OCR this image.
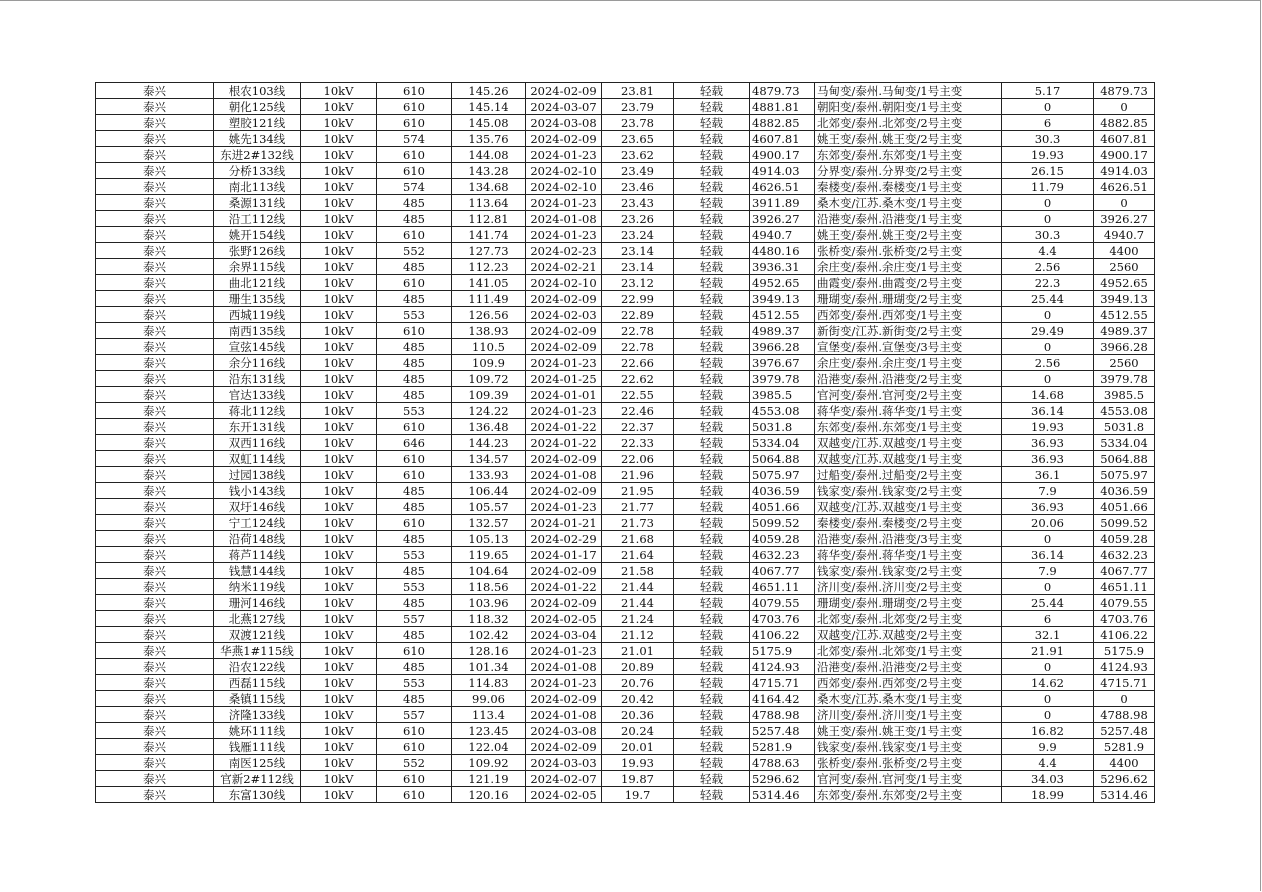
泰兴	根农103线	10kV	610	145.26	2024-02-09	23.81	轻载	4879.73	马甸变/泰州.马甸变/1号主变	5.17	4879.73
泰兴	朝化125线	10kV	610	145.14	2024-03-07	23.79	轻载	4881.81	朝阳变/泰州.朝阳变/1号主变	0	0
泰兴	塑胶121线	10kV	610	145.08	2024-03-08	23.78	轻载	4882.85	北郊变/泰州.北郊变/2号主变	6	4882.85
泰兴	姚先134线	10kV	574	135.76	2024-02-09	23.65	轻载	4607.81	姚王变/泰州.姚王变/2号主变	30.3	4607.81
泰兴	东进2#132线	10kV	610	144.08	2024-01-23	23.62	轻载	4900.17	东郊变/泰州.东郊变/1号主变	19.93	4900.17
泰兴	分桥133线	10kV	610	143.28	2024-02-10	23.49	轻载	4914.03	分界变/泰州.分界变/2号主变	26.15	4914.03
泰兴	南北113线	10kV	574	134.68	2024-02-10	23.46	轻载	4626.51	秦楼变/泰州.秦楼变/1号主变	11.79	4626.51
泰兴	桑源131线	10kV	485	113.64	2024-01-23	23.43	轻载	3911.89	桑木变/江苏.桑木变/1号主变	0	0
泰兴	沿工112线	10kV	485	112.81	2024-01-08	23.26	轻载	3926.27	沿港变/泰州.沿港变/1号主变	0	3926.27
泰兴	姚开154线	10kV	610	141.74	2024-01-23	23.24	轻载	4940.7	姚王变/泰州.姚王变/2号主变	30.3	4940.7
泰兴	张野126线	10kV	552	127.73	2024-02-23	23.14	轻载	4480.16	张桥变/泰州.张桥变/2号主变	4.4	4400
泰兴	余界115线	10kV	485	112.23	2024-02-21	23.14	轻载	3936.31	余庄变/泰州.余庄变/1号主变	2.56	2560
泰兴	曲北121线	10kV	610	141.05	2024-02-10	23.12	轻载	4952.65	曲霞变/泰州.曲霞变/2号主变	22.3	4952.65
泰兴	珊生135线	10kV	485	111.49	2024-02-09	22.99	轻载	3949.13	珊瑚变/泰州.珊瑚变/2号主变	25.44	3949.13
泰兴	西城119线	10kV	553	126.56	2024-02-03	22.89	轻载	4512.55	西郊变/泰州.西郊变/1号主变	0	4512.55
泰兴	南西135线	10kV	610	138.93	2024-02-09	22.78	轻载	4989.37	新街变/江苏.新街变/2号主变	29.49	4989.37
泰兴	宣弦145线	10kV	485	110.5	2024-02-09	22.78	轻载	3966.28	宣堡变/泰州.宣堡变/3号主变	0	3966.28
泰兴	余分116线	10kV	485	109.9	2024-01-23	22.66	轻载	3976.67	余庄变/泰州.余庄变/1号主变	2.56	2560
泰兴	沿东131线	10kV	485	109.72	2024-01-25	22.62	轻载	3979.78	沿港变/泰州.沿港变/2号主变	0	3979.78
泰兴	官达133线	10kV	485	109.39	2024-01-01	22.55	轻载	3985.5	官河变/泰州.官河变/2号主变	14.68	3985.5
泰兴	蒋北112线	10kV	553	124.22	2024-01-23	22.46	轻载	4553.08	蒋华变/泰州.蒋华变/1号主变	36.14	4553.08
泰兴	东开131线	10kV	610	136.48	2024-01-22	22.37	轻载	5031.8	东郊变/泰州.东郊变/1号主变	19.93	5031.8
泰兴	双西116线	10kV	646	144.23	2024-01-22	22.33	轻载	5334.04	双越变/江苏.双越变/1号主变	36.93	5334.04
泰兴	双虹114线	10kV	610	134.57	2024-02-09	22.06	轻载	5064.88	双越变/江苏.双越变/1号主变	36.93	5064.88
泰兴	过园138线	10kV	610	133.93	2024-01-08	21.96	轻载	5075.97	过船变/泰州.过船变/2号主变	36.1	5075.97
泰兴	钱小143线	10kV	485	106.44	2024-02-09	21.95	轻载	4036.59	钱家变/泰州.钱家变/2号主变	7.9	4036.59
泰兴	双圩146线	10kV	485	105.57	2024-01-23	21.77	轻载	4051.66	双越变/江苏.双越变/1号主变	36.93	4051.66
泰兴	宁工124线	10kV	610	132.57	2024-01-21	21.73	轻载	5099.52	秦楼变/泰州.秦楼变/2号主变	20.06	5099.52
泰兴	沿荷148线	10kV	485	105.13	2024-02-29	21.68	轻载	4059.28	沿港变/泰州.沿港变/3号主变	0	4059.28
泰兴	蒋芦114线	10kV	553	119.65	2024-01-17	21.64	轻载	4632.23	蒋华变/泰州.蒋华变/1号主变	36.14	4632.23
泰兴	钱慧144线	10kV	485	104.64	2024-02-09	21.58	轻载	4067.77	钱家变/泰州.钱家变/2号主变	7.9	4067.77
泰兴	纳米119线	10kV	553	118.56	2024-01-22	21.44	轻载	4651.11	济川变/泰州.济川变/2号主变	0	4651.11
泰兴	珊河146线	10kV	485	103.96	2024-02-09	21.44	轻载	4079.55	珊瑚变/泰州.珊瑚变/2号主变	25.44	4079.55
泰兴	北燕127线	10kV	557	118.32	2024-02-05	21.24	轻载	4703.76	北郊变/泰州.北郊变/2号主变	6	4703.76
泰兴	双渡121线	10kV	485	102.42	2024-03-04	21.12	轻载	4106.22	双越变/江苏.双越变/2号主变	32.1	4106.22
泰兴	华燕1#115线	10kV	610	128.16	2024-01-23	21.01	轻载	5175.9	北郊变/泰州.北郊变/1号主变	21.91	5175.9
泰兴	沿农122线	10kV	485	101.34	2024-01-08	20.89	轻载	4124.93	沿港变/泰州.沿港变/2号主变	0	4124.93
泰兴	西磊115线	10kV	553	114.83	2024-01-23	20.76	轻载	4715.71	西郊变/泰州.西郊变/2号主变	14.62	4715.71
泰兴	桑镇115线	10kV	485	99.06	2024-02-09	20.42	轻载	4164.42	桑木变/江苏.桑木变/1号主变	0	0
泰兴	济隆133线	10kV	557	113.4	2024-01-08	20.36	轻载	4788.98	济川变/泰州.济川变/1号主变	0	4788.98
泰兴	姚环111线	10kV	610	123.45	2024-03-08	20.24	轻载	5257.48	姚王变/泰州.姚王变/1号主变	16.82	5257.48
泰兴	钱雁111线	10kV	610	122.04	2024-02-09	20.01	轻载	5281.9	钱家变/泰州.钱家变/1号主变	9.9	5281.9
泰兴	南医125线	10kV	552	109.92	2024-03-03	19.93	轻载	4788.63	张桥变/泰州.张桥变/2号主变	4.4	4400
泰兴	官新2#112线	10kV	610	121.19	2024-02-07	19.87	轻载	5296.62	官河变/泰州.官河变/1号主变	34.03	5296.62
泰兴	东富130线	10kV	610	120.16	2024-02-05	19.7	轻载	5314.46	东郊变/泰州.东郊变/2号主变	18.99	5314.46
